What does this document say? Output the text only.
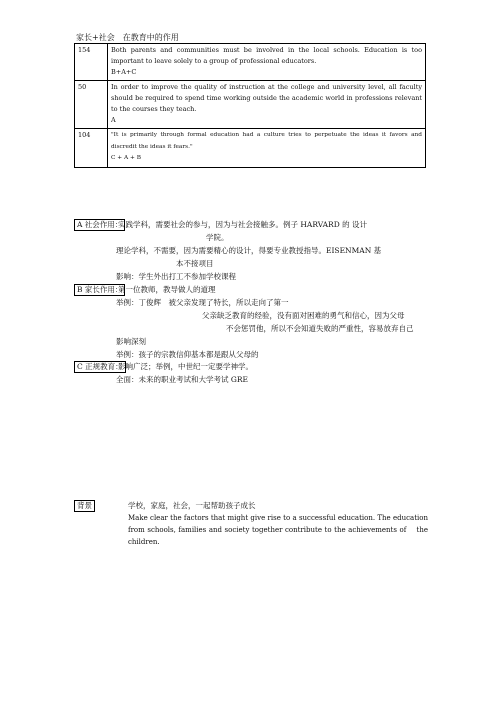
家长+社会　在教育中的作用
154	Both parents and communities must be involved in the local schools. Education is too important to leave solely to a group of professional educators.
B+A+C

50	In order to improve the quality of instruction at the college and university level, all faculty should be required to spend time working outside the academic world in professions relevant to the courses they teach.
A

104	"It is primarily through formal education had a culture tries to perpetuate the ideas it favors and discredit the ideas it fears."
C + A + B
A 社会作用：
实践学科，需要社会的参与，因为与社会接触多。例子 HARVARD 的 设计
学院。
理论学科，不需要，因为需要精心的设计，得要专业教授指导。EISENMAN 基
本不接项目
影响：学生外出打工不参加学校课程
B 家长作用：
第一位教师，教导做人的道理
举例：丁俊辉　被父亲发现了特长，所以走向了第一
父亲缺乏教育的经验，没有面对困难的勇气和信心，因为父母
不会惩罚他，所以不会知道失败的严重性，容易放弃自己
影响深刻
举例：孩子的宗教信仰基本都是跟从父母的
C 正规教育：
影响广泛；举例，中世纪一定要学神学。
全面：未来的职业考试和大学考试 GRE
背景	学校，家庭，社会，一起帮助孩子成长
Make clear the factors that might give rise to a successful education. The education from schools, families and society together contribute to the achievements of　 the children.
